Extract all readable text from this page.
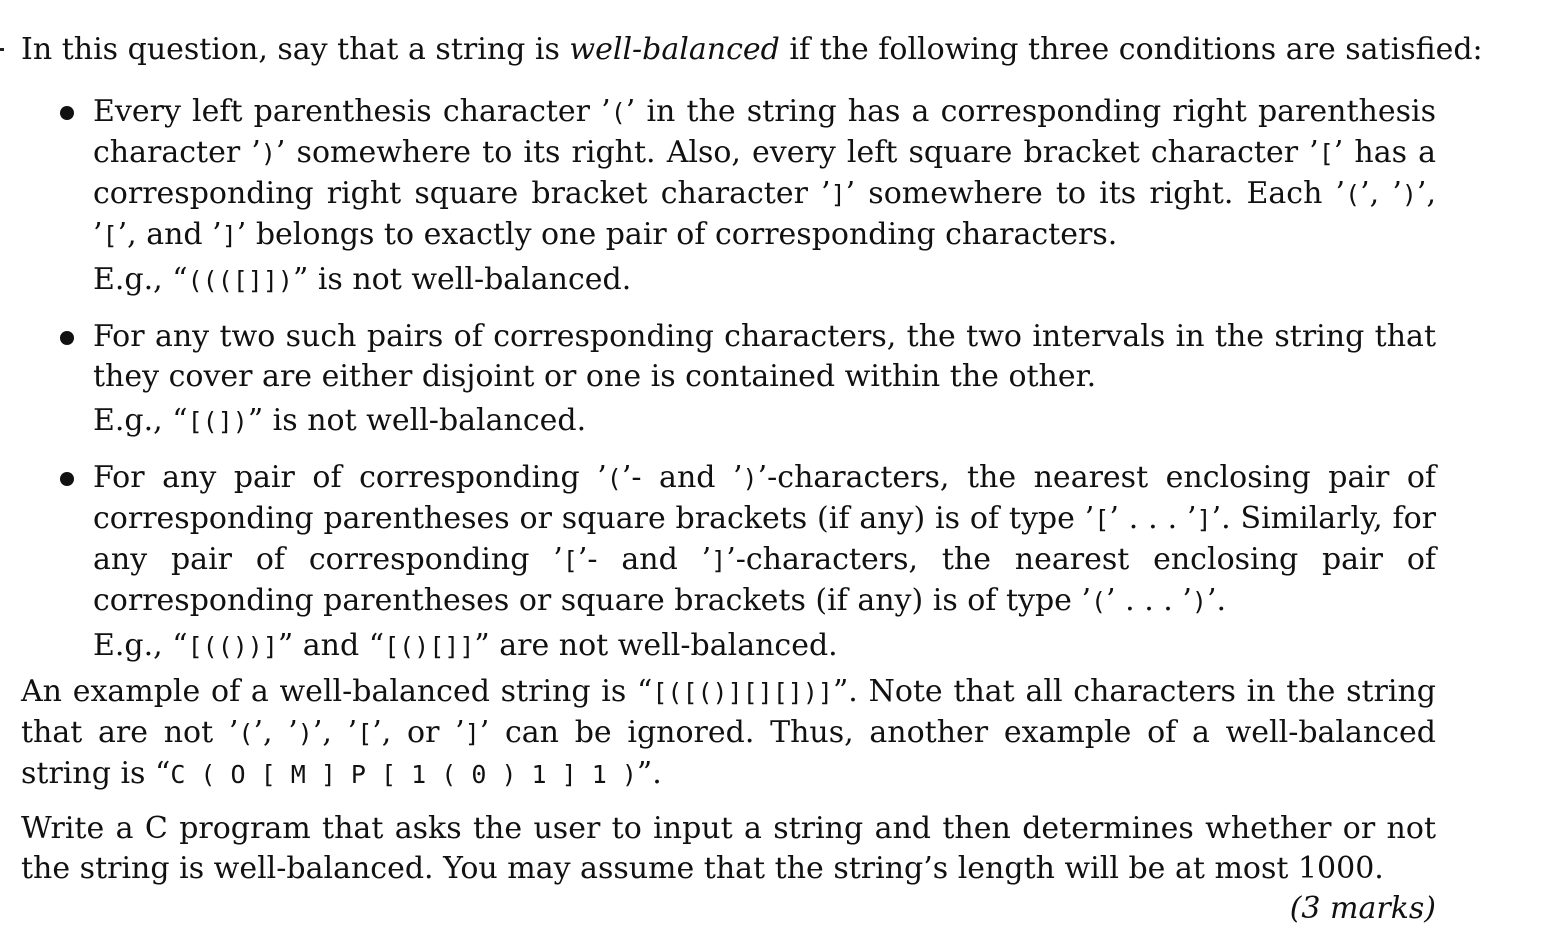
In this question, say that a string is well-balanced if the following three conditions are satisfied:
Every left parenthesis character ’(’ in the string has a corresponding right parenthesis character ’)’ somewhere to its right. Also, every left square bracket character ’[’ has a corresponding right square bracket character ’]’ somewhere to its right. Each ’(’, ’)’, ’[’, and ’]’ belongs to exactly one pair of corresponding characters.
E.g., “((([]])” is not well-balanced.
For any two such pairs of corresponding characters, the two intervals in the string that they cover are either disjoint or one is contained within the other.
E.g., “[(])” is not well-balanced.
For any pair of corresponding ’(’- and ’)’-characters, the nearest enclosing pair of corresponding parentheses or square brackets (if any) is of type ’[’ . . . ’]’. Similarly, for any pair of corresponding ’[’- and ’]’-characters, the nearest enclosing pair of corresponding parentheses or square brackets (if any) is of type ’(’ . . . ’)’.
E.g., “[(())]” and “[()[]]” are not well-balanced.
An example of a well-balanced string is “[([()][][])]”. Note that all characters in the string that are not ’(’, ’)’, ’[’, or ’]’ can be ignored. Thus, another example of a well-balanced string is “C ( O [ M ] P [ 1 ( 0 ) 1 ] 1 )”.
Write a C program that asks the user to input a string and then determines whether or not the string is well-balanced. You may assume that the string’s length will be at most 1000.
(3 marks)
